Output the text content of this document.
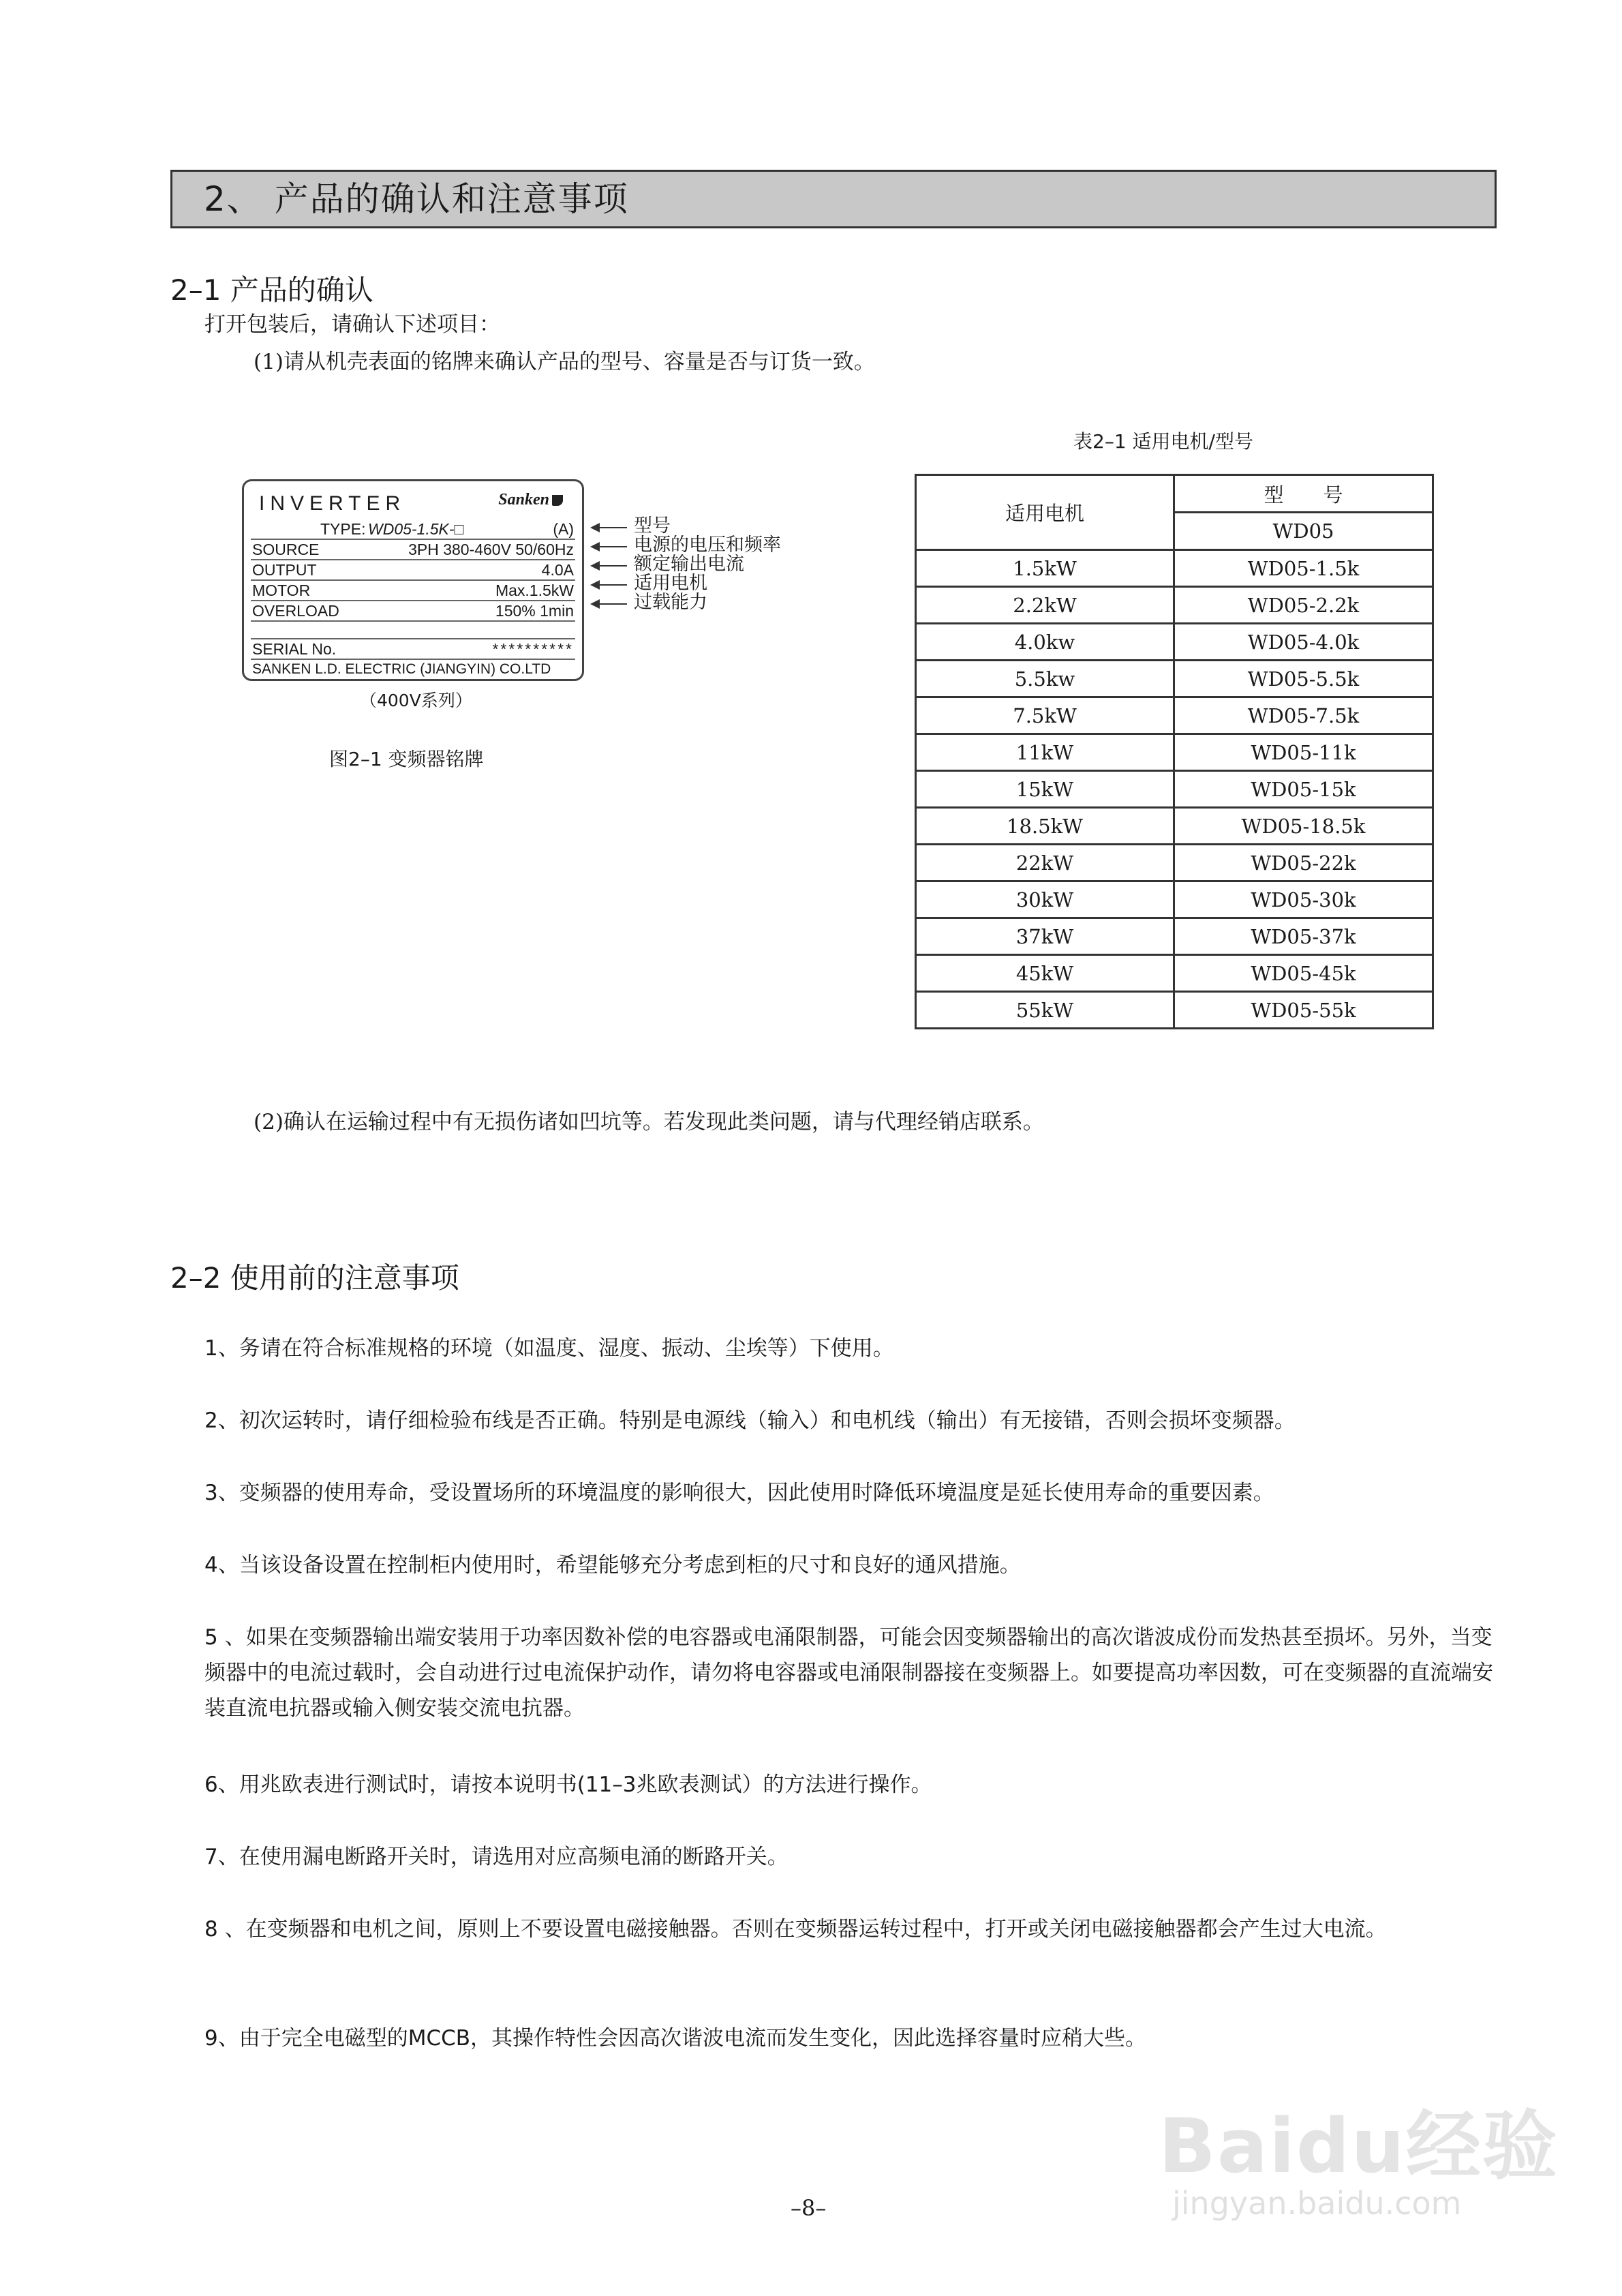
2、 产品的确认和注意事项
2–1 产品的确认
打开包装后，请确认下述项目：
(1)请从机壳表面的铭牌来确认产品的型号、容量是否与订货一致。
INVERTER	Sanken
TYPE: WD05-1.5K-□	(A)
SOURCE	3PH 380-460V 50/60Hz
OUTPUT	4.0A
MOTOR	Max.1.5kW
OVERLOAD	150% 1min
SERIAL No.	**********
SANKEN L.D. ELECTRIC (JIANGYIN) CO.LTD
（400V系列）
型号
电源的电压和频率
额定输出电流
适用电机
过载能力
图2–1 变频器铭牌
表2–1 适用电机/型号
适用电机	型　　号
	WD05
1.5kW	WD05-1.5k
2.2kW	WD05-2.2k
4.0kw	WD05-4.0k
5.5kw	WD05-5.5k
7.5kW	WD05-7.5k
11kW	WD05-11k
15kW	WD05-15k
18.5kW	WD05-18.5k
22kW	WD05-22k
30kW	WD05-30k
37kW	WD05-37k
45kW	WD05-45k
55kW	WD05-55k
(2)确认在运输过程中有无损伤诸如凹坑等。若发现此类问题，请与代理经销店联系。
2–2 使用前的注意事项
1、务请在符合标准规格的环境（如温度、湿度、振动、尘埃等）下使用。
2、初次运转时，请仔细检验布线是否正确。特别是电源线（输入）和电机线（输出）有无接错，否则会损坏变频器。
3、变频器的使用寿命，受设置场所的环境温度的影响很大，因此使用时降低环境温度是延长使用寿命的重要因素。
4、当该设备设置在控制柜内使用时，希望能够充分考虑到柜的尺寸和良好的通风措施。
5 、如果在变频器输出端安装用于功率因数补偿的电容器或电涌限制器，可能会因变频器输出的高次谐波成份而发热甚至损坏。另外，当变频器中的电流过载时，会自动进行过电流保护动作，请勿将电容器或电涌限制器接在变频器上。如要提高功率因数，可在变频器的直流端安装直流电抗器或输入侧安装交流电抗器。
6、用兆欧表进行测试时，请按本说明书(11–3兆欧表测试）的方法进行操作。
7、在使用漏电断路开关时，请选用对应高频电涌的断路开关。
8 、在变频器和电机之间，原则上不要设置电磁接触器。否则在变频器运转过程中，打开或关闭电磁接触器都会产生过大电流。
9、由于完全电磁型的MCCB，其操作特性会因高次谐波电流而发生变化，因此选择容量时应稍大些。
Baidu经验
jingyan.baidu.com
–8–
